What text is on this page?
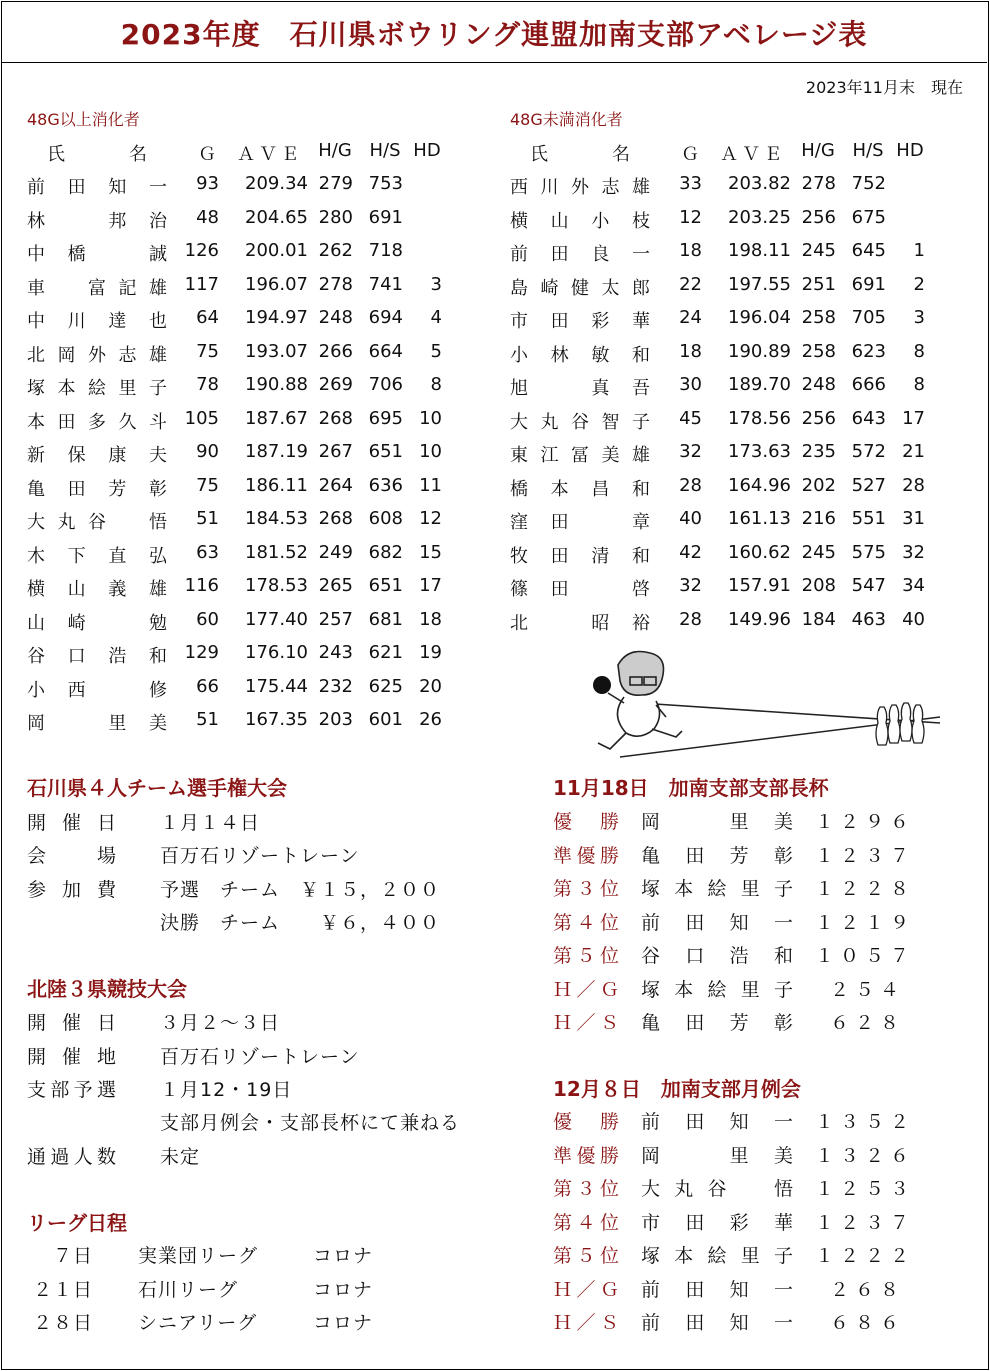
2023年度　石川県ボウリング連盟加南支部アベレージ表
2023年11月末　現在
48G以上消化者	48G未満消化者
氏　名	Ｇ ＡＶＥ H/G H/S HD
前田知一	93	209.34 279 753
林　邦治	48	204.65 280 691
中橋　誠 126	200.01 262 718
車　富記雄 117	196.07 278 741	3
中川達也	64	194.97 248 694	4
北岡外志雄	75	193.07 266 664	5
塚本絵里子	78	190.88 269 706	8
本田多久斗 105	187.67 268 695 10
新保康夫	90	187.19 267 651 10
亀田芳彰	75	186.11 264 636 11
大丸谷　悟	51	184.53 268 608 12
木下直弘	63	181.52 249 682 15
横山義雄 116	178.53 265 651 17
山崎　勉	60	177.40 257 681 18
谷口浩和 129	176.10 243 621 19
小西　修	66	175.44 232 625 20
岡　里美	51	167.35 203 601 26
氏　名	Ｇ ＡＶＥ H/G H/S HD
西川外志雄	33	203.82 278 752
横山小枝	12	203.25 256 675
前田良一	18	198.11 245 645	1
島崎健太郎	22	197.55 251 691	2
市田彩華	24	196.04 258 705	3
小林敏和	18	190.89 258 623	8
旭　真吾	30	189.70 248 666	8
大丸谷智子	45	178.56 256 643 17
東江冨美雄	32	173.63 235 572 21
橋本昌和	28	164.96 202 527 28
窪田　章	40	161.13 216 551 31
牧田清和	42	160.62 245 575 32
篠田　啓	32	157.91 208 547 34
北　昭裕	28	149.96 184 463 40
石川県４人チーム選手権大会
開催日 １月１４日
会　場 百万石リゾートレーン
参加費 予選　チーム　￥１５，２００
決勝　チーム　　￥６，４００
北陸３県競技大会
開催日 ３月２～３日
開催地 百万石リゾートレーン
支部予選 １月12・19日
支部月例会・支部長杯にて兼ねる
通過人数 未定
リーグ日程
７日 実業団リーグ	コロナ
２１日 石川リーグ	コロナ
２８日 シニアリーグ	コロナ
11月18日　加南支部支部長杯
優勝 岡　里美 １２９６
準優勝 亀田芳彰 １２３７
第３位 塚本絵里子 １２２８
第４位 前田知一 １２１９
第５位 谷口浩和 １０５７
Ｈ／Ｇ 塚本絵里子	２５４
Ｈ／Ｓ 亀田芳彰	６２８
12月８日　加南支部月例会
優勝 前田知一 １３５２
準優勝 岡　里美 １３２６
第３位 大丸谷　悟 １２５３
第４位 市田彩華 １２３７
第５位 塚本絵里子 １２２２
Ｈ／Ｇ 前田知一	２６８
Ｈ／Ｓ 前田知一	６８６
